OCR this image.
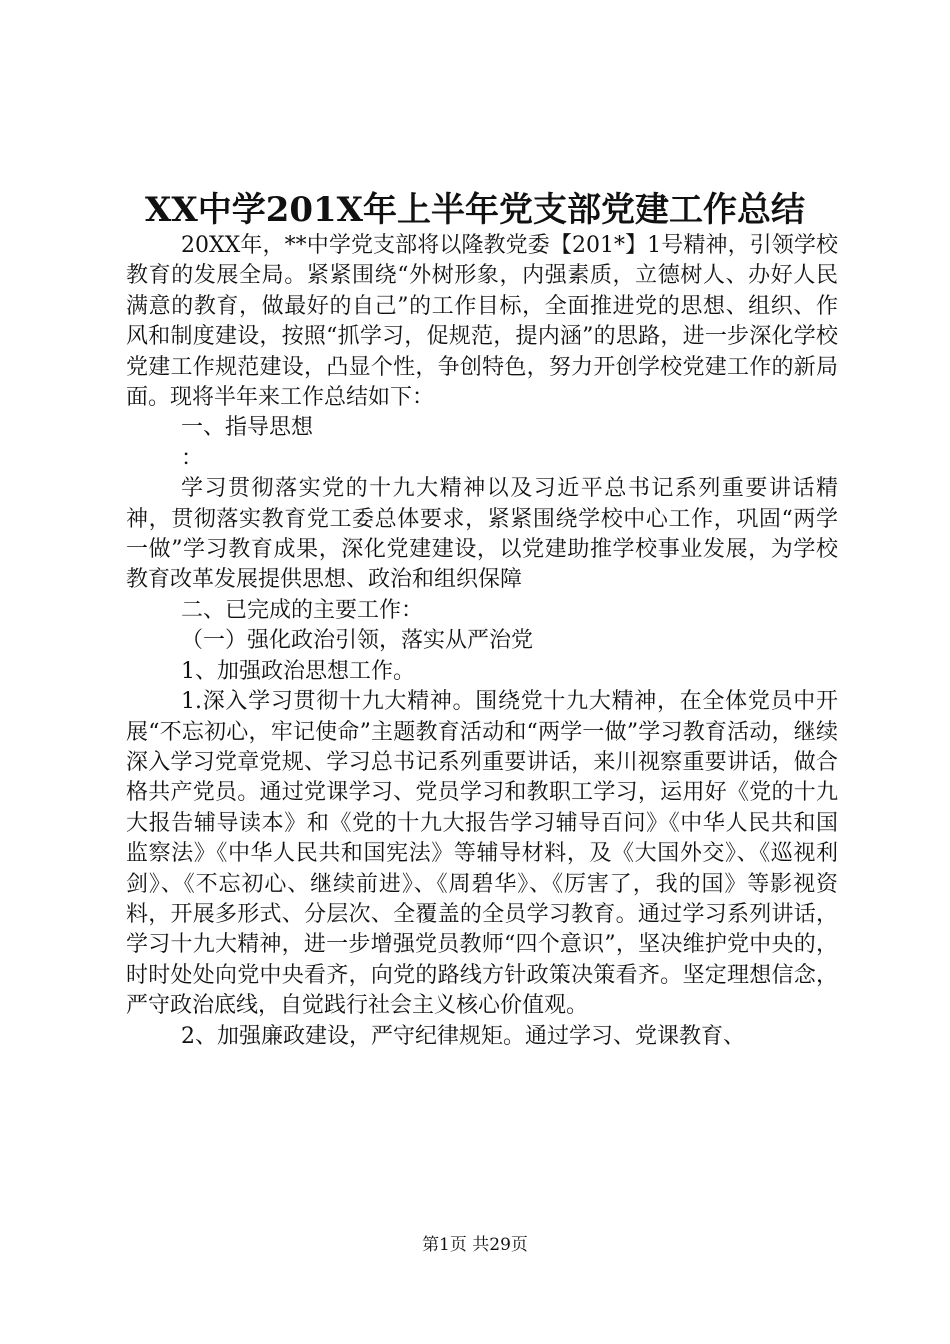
XX中学201X年上半年党支部党建工作总结

20XX年，**中学党支部将以隆教党委【201*】1号精神，引领学校教育的发展全局。紧紧围绕“外树形象，内强素质，立德树人、办好人民满意的教育，做最好的自己”的工作目标，全面推进党的思想、组织、作风和制度建设，按照“抓学习，促规范，提内涵”的思路，进一步深化学校党建工作规范建设，凸显个性，争创特色，努力开创学校党建工作的新局面。现将半年来工作总结如下：

一、指导思想

：

学习贯彻落实党的十九大精神以及习近平总书记系列重要讲话精神，贯彻落实教育党工委总体要求，紧紧围绕学校中心工作，巩固“两学一做”学习教育成果，深化党建建设，以党建助推学校事业发展，为学校教育改革发展提供思想、政治和组织保障

二、已完成的主要工作：

（一）强化政治引领，落实从严治党

1、加强政治思想工作。

1.深入学习贯彻十九大精神。围绕党十九大精神，在全体党员中开展“不忘初心，牢记使命”主题教育活动和“两学一做”学习教育活动，继续深入学习党章党规、学习总书记系列重要讲话，来川视察重要讲话，做合格共产党员。通过党课学习、党员学习和教职工学习，运用好《党的十九大报告辅导读本》和《党的十九大报告学习辅导百问》《中华人民共和国监察法》《中华人民共和国宪法》等辅导材料，及《大国外交》、《巡视利剑》、《不忘初心、继续前进》、《周碧华》、《厉害了，我的国》等影视资料，开展多形式、分层次、全覆盖的全员学习教育。通过学习系列讲话，学习十九大精神，进一步增强党员教师“四个意识”，坚决维护党中央的，时时处处向党中央看齐，向党的路线方针政策决策看齐。坚定理想信念，严守政治底线，自觉践行社会主义核心价值观。

2、加强廉政建设，严守纪律规矩。通过学习、党课教育、

第1页 共29页
